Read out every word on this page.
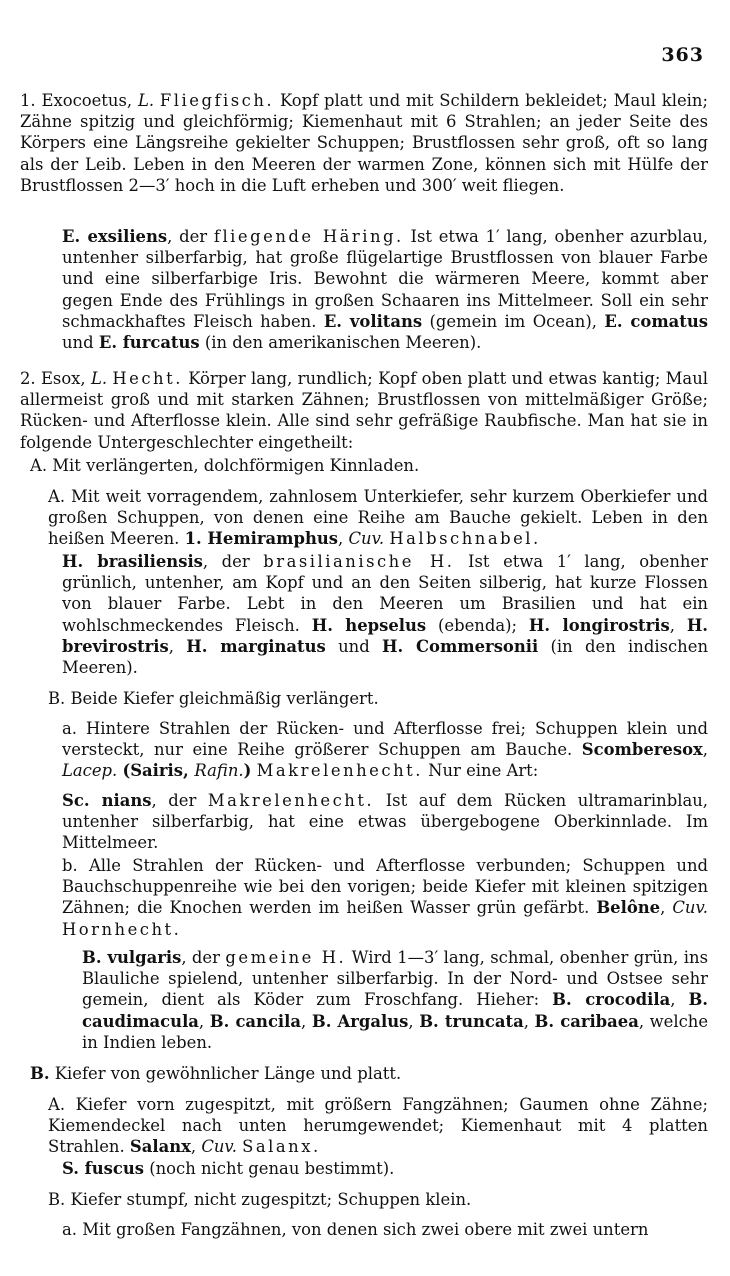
363
1. Exocoetus, L. Fliegfisch. Kopf platt und mit Schildern bekleidet; Maul klein; Zähne spitzig und gleichförmig; Kiemenhaut mit 6 Strahlen; an jeder Seite des Körpers eine Längsreihe gekielter Schuppen; Brustflossen sehr groß, oft so lang als der Leib. Leben in den Meeren der warmen Zone, können sich mit Hülfe der Brustflossen 2—3′ hoch in die Luft erheben und 300′ weit fliegen.
E. exsiliens, der fliegende Häring. Ist etwa 1′ lang, obenher azurblau, untenher silberfarbig, hat große flügelartige Brustflossen von blauer Farbe und eine silberfarbige Iris. Bewohnt die wärmeren Meere, kommt aber gegen Ende des Frühlings in großen Schaaren ins Mittelmeer. Soll ein sehr schmackhaftes Fleisch haben. E. volitans (gemein im Ocean), E. comatus und E. furcatus (in den amerikanischen Meeren).
2. Esox, L. Hecht. Körper lang, rundlich; Kopf oben platt und etwas kantig; Maul allermeist groß und mit starken Zähnen; Brustflossen von mittelmäßiger Größe; Rücken- und Afterflosse klein. Alle sind sehr gefräßige Raubfische. Man hat sie in folgende Untergeschlechter eingetheilt:
A. Mit verlängerten, dolchförmigen Kinnladen.
A. Mit weit vorragendem, zahnlosem Unterkiefer, sehr kurzem Oberkiefer und großen Schuppen, von denen eine Reihe am Bauche gekielt. Leben in den heißen Meeren. 1. Hemiramphus, Cuv. Halbschnabel.
H. brasiliensis, der brasilianische H. Ist etwa 1′ lang, obenher grünlich, untenher, am Kopf und an den Seiten silberig, hat kurze Flossen von blauer Farbe. Lebt in den Meeren um Brasilien und hat ein wohlschmeckendes Fleisch. H. hepselus (ebenda); H. longirostris, H. brevirostris, H. marginatus und H. Commersonii (in den indischen Meeren).
B. Beide Kiefer gleichmäßig verlängert.
a. Hintere Strahlen der Rücken- und Afterflosse frei; Schuppen klein und versteckt, nur eine Reihe größerer Schuppen am Bauche. Scomberesox, Lacep. (Sairis, Rafin.) Makrelenhecht. Nur eine Art:
Sc. nians, der Makrelenhecht. Ist auf dem Rücken ultramarinblau, untenher silberfarbig, hat eine etwas übergebogene Oberkinnlade. Im Mittelmeer.
b. Alle Strahlen der Rücken- und Afterflosse verbunden; Schuppen und Bauchschuppenreihe wie bei den vorigen; beide Kiefer mit kleinen spitzigen Zähnen; die Knochen werden im heißen Wasser grün gefärbt. Belône, Cuv. Hornhecht.
B. vulgaris, der gemeine H. Wird 1—3′ lang, schmal, obenher grün, ins Blauliche spielend, untenher silberfarbig. In der Nord- und Ostsee sehr gemein, dient als Köder zum Froschfang. Hieher: B. crocodila, B. caudimacula, B. cancila, B. Argalus, B. truncata, B. caribaea, welche in Indien leben.
B. Kiefer von gewöhnlicher Länge und platt.
A. Kiefer vorn zugespitzt, mit größern Fangzähnen; Gaumen ohne Zähne; Kiemendeckel nach unten herumgewendet; Kiemenhaut mit 4 platten Strahlen. Salanx, Cuv. Salanx.
S. fuscus (noch nicht genau bestimmt).
B. Kiefer stumpf, nicht zugespitzt; Schuppen klein.
a. Mit großen Fangzähnen, von denen sich zwei obere mit zwei untern
